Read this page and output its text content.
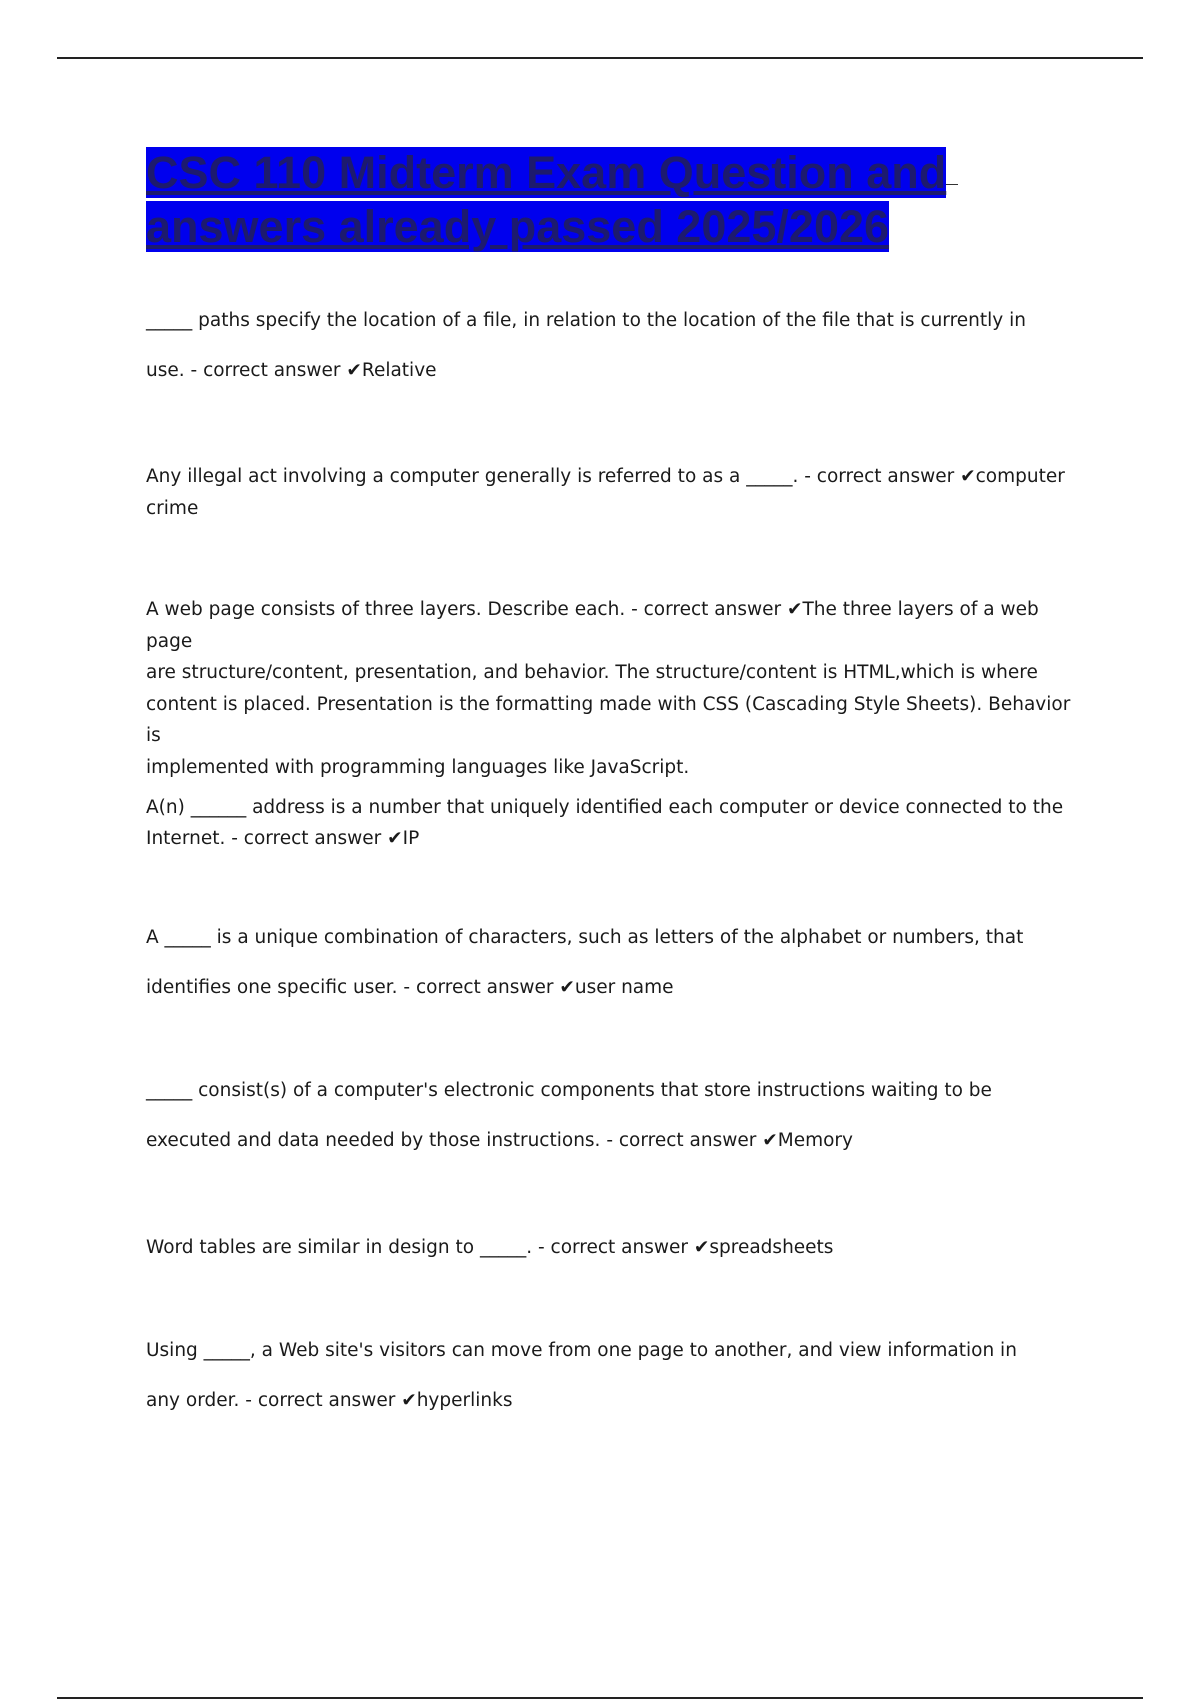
CSC 110 Midterm Exam Question and
answers already passed 2025/2026

_____ paths specify the location of a file, in relation to the location of the file that is currently in

use. - correct answer ✔Relative

Any illegal act involving a computer generally is referred to as a _____. - correct answer ✔computer

crime

A web page consists of three layers. Describe each. - correct answer ✔The three layers of a web page

are structure/content, presentation, and behavior. The structure/content is HTML,which is where

content is placed. Presentation is the formatting made with CSS (Cascading Style Sheets). Behavior is

implemented with programming languages like JavaScript.

A(n) ______ address is a number that uniquely identified each computer or device connected to the

Internet. - correct answer ✔IP

A _____ is a unique combination of characters, such as letters of the alphabet or numbers, that

identifies one specific user. - correct answer ✔user name

_____ consist(s) of a computer's electronic components that store instructions waiting to be

executed and data needed by those instructions. - correct answer ✔Memory

Word tables are similar in design to _____. - correct answer ✔spreadsheets

Using _____, a Web site's visitors can move from one page to another, and view information in

any order. - correct answer ✔hyperlinks
